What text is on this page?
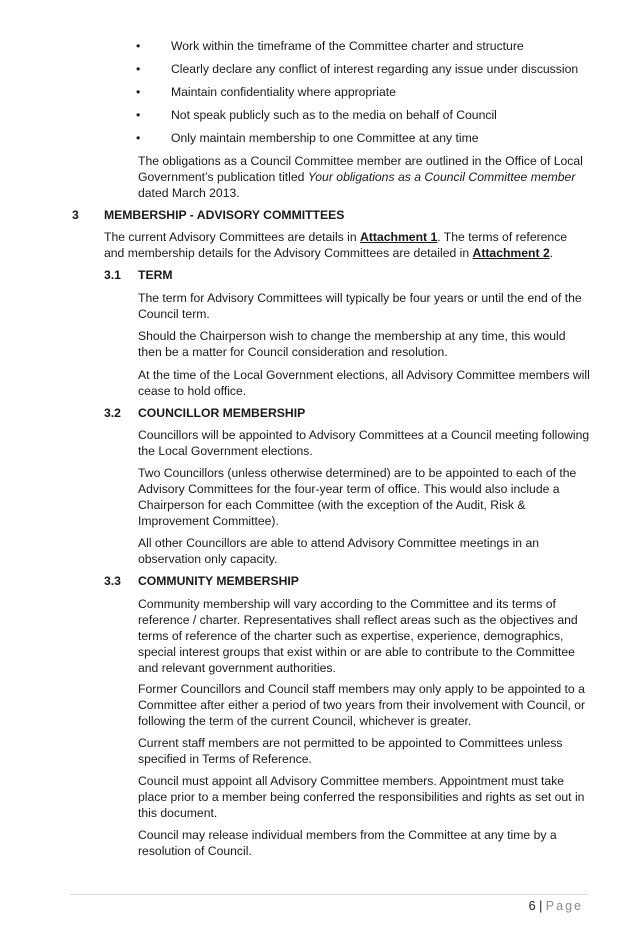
•	Work within the timeframe of the Committee charter and structure
•	Clearly declare any conflict of interest regarding any issue under discussion
•	Maintain confidentiality where appropriate
•	Not speak publicly such as to the media on behalf of Council
•	Only maintain membership to one Committee at any time

The obligations as a Council Committee member are outlined in the Office of Local Government’s publication titled Your obligations as a Council Committee member dated March 2013.

3 MEMBERSHIP - ADVISORY COMMITTEES

The current Advisory Committees are details in Attachment 1. The terms of reference and membership details for the Advisory Committees are detailed in Attachment 2.

3.1 TERM

The term for Advisory Committees will typically be four years or until the end of the Council term.

Should the Chairperson wish to change the membership at any time, this would then be a matter for Council consideration and resolution.

At the time of the Local Government elections, all Advisory Committee members will cease to hold office.

3.2 COUNCILLOR MEMBERSHIP

Councillors will be appointed to Advisory Committees at a Council meeting following the Local Government elections.

Two Councillors (unless otherwise determined) are to be appointed to each of the Advisory Committees for the four-year term of office. This would also include a Chairperson for each Committee (with the exception of the Audit, Risk & Improvement Committee).

All other Councillors are able to attend Advisory Committee meetings in an observation only capacity.

3.3 COMMUNITY MEMBERSHIP

Community membership will vary according to the Committee and its terms of reference / charter. Representatives shall reflect areas such as the objectives and terms of reference of the charter such as expertise, experience, demographics, special interest groups that exist within or are able to contribute to the Committee and relevant government authorities.

Former Councillors and Council staff members may only apply to be appointed to a Committee after either a period of two years from their involvement with Council, or following the term of the current Council, whichever is greater.

Current staff members are not permitted to be appointed to Committees unless specified in Terms of Reference.

Council must appoint all Advisory Committee members. Appointment must take place prior to a member being conferred the responsibilities and rights as set out in this document.

Council may release individual members from the Committee at any time by a resolution of Council.

6 | Page
